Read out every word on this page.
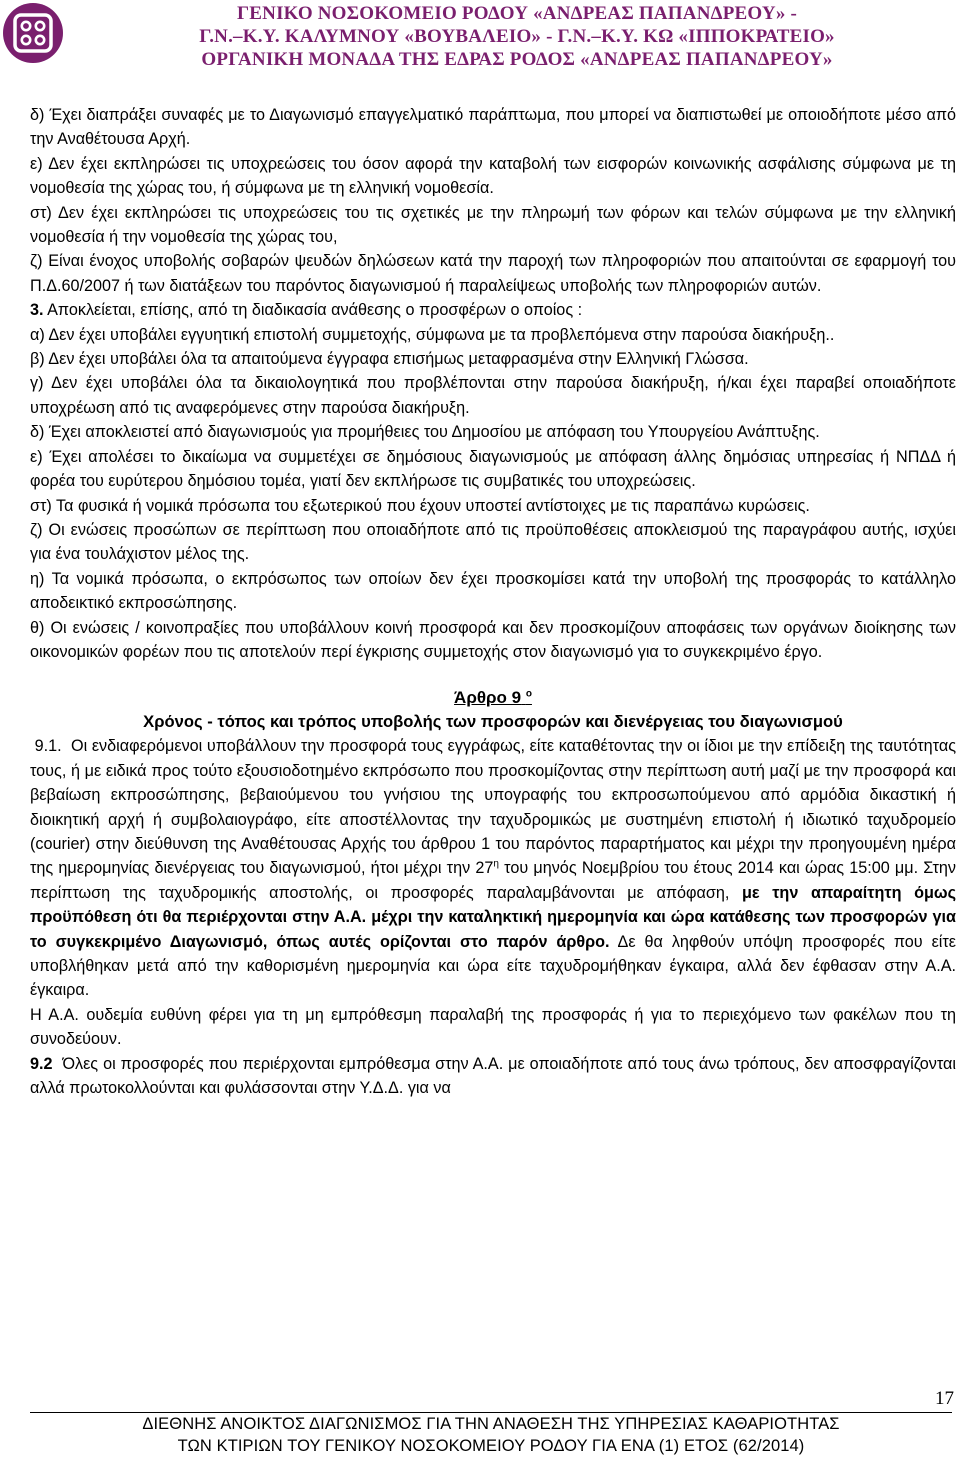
ΓΕΝΙΚΟ ΝΟΣΟΚΟΜΕΙΟ ΡΟΔΟΥ «ΑΝΔΡΕΑΣ ΠΑΠΑΝΔΡΕΟΥ» -
Γ.Ν.–Κ.Υ. ΚΑΛΥΜΝΟΥ «ΒΟΥΒΑΛΕΙΟ» - Γ.Ν.–Κ.Υ. ΚΩ «ΙΠΠΟΚΡΑΤΕΙΟ»
ΟΡΓΑΝΙΚΗ ΜΟΝΑΔΑ ΤΗΣ ΕΔΡΑΣ ΡΟΔΟΣ «ΑΝΔΡΕΑΣ ΠΑΠΑΝΔΡΕΟΥ»

δ) Έχει διαπράξει συναφές με το Διαγωνισμό επαγγελματικό παράπτωμα, που μπορεί να διαπιστωθεί με οποιοδήποτε μέσο από την Αναθέτουσα Αρχή.

ε) Δεν έχει εκπληρώσει τις υποχρεώσεις του όσον αφορά την καταβολή των εισφορών κοινωνικής ασφάλισης σύμφωνα με τη νομοθεσία της χώρας του, ή σύμφωνα με τη ελληνική νομοθεσία.

στ) Δεν έχει εκπληρώσει τις υποχρεώσεις του τις σχετικές με την πληρωμή των φόρων και τελών σύμφωνα με την ελληνική νομοθεσία ή την νομοθεσία της χώρας του,

ζ) Είναι ένοχος υποβολής σοβαρών ψευδών δηλώσεων κατά την παροχή των πληροφοριών που απαιτούνται σε εφαρμογή του Π.Δ.60/2007 ή των διατάξεων του παρόντος διαγωνισμού ή παραλείψεως υποβολής των πληροφοριών αυτών.

3. Αποκλείεται, επίσης, από τη διαδικασία ανάθεσης ο προσφέρων ο οποίος :

α) Δεν έχει υποβάλει εγγυητική επιστολή συμμετοχής, σύμφωνα με τα προβλεπόμενα στην παρούσα διακήρυξη..

β) Δεν έχει υποβάλει όλα τα απαιτούμενα έγγραφα επισήμως μεταφρασμένα στην Ελληνική Γλώσσα.

γ) Δεν έχει υποβάλει όλα τα δικαιολογητικά που προβλέπονται στην παρούσα διακήρυξη, ή/και έχει παραβεί οποιαδήποτε υποχρέωση από τις αναφερόμενες στην παρούσα διακήρυξη.

δ) Έχει αποκλειστεί από διαγωνισμούς για προμήθειες του Δημοσίου με απόφαση του Υπουργείου Ανάπτυξης.

ε) Έχει απολέσει το δικαίωμα να συμμετέχει σε δημόσιους διαγωνισμούς με απόφαση άλλης δημόσιας υπηρεσίας ή ΝΠΔΔ ή φορέα του ευρύτερου δημόσιου τομέα, γιατί δεν εκπλήρωσε τις συμβατικές του υποχρεώσεις.

στ) Τα φυσικά ή νομικά πρόσωπα του εξωτερικού που έχουν υποστεί αντίστοιχες με τις παραπάνω κυρώσεις.

ζ) Οι ενώσεις προσώπων σε περίπτωση που οποιαδήποτε από τις προϋποθέσεις αποκλεισμού της παραγράφου αυτής, ισχύει για ένα τουλάχιστον μέλος της.

η) Τα νομικά πρόσωπα, ο εκπρόσωπος των οποίων δεν έχει προσκομίσει κατά την υποβολή της προσφοράς το κατάλληλο αποδεικτικό εκπροσώπησης.

θ) Οι ενώσεις / κοινοπραξίες που υποβάλλουν κοινή προσφορά και δεν προσκομίζουν αποφάσεις των οργάνων διοίκησης των οικονομικών φορέων που τις αποτελούν περί έγκρισης συμμετοχής στον διαγωνισμό για το συγκεκριμένο έργο.

Άρθρο 9 $^o$
Χρόνος - τόπος και τρόπος υποβολής των προσφορών και διενέργειας του διαγωνισμού

9.1. Οι ενδιαφερόμενοι υποβάλλουν την προσφορά τους εγγράφως, είτε καταθέτοντας την οι ίδιοι με την επίδειξη της ταυτότητας τους, ή με ειδικά προς τούτο εξουσιοδοτημένο εκπρόσωπο που προσκομίζοντας στην περίπτωση αυτή μαζί με την προσφορά και βεβαίωση εκπροσώπησης, βεβαιούμενου του γνήσιου της υπογραφής του εκπροσωπούμενου από αρμόδια δικαστική ή διοικητική αρχή ή συμβολαιογράφο, είτε αποστέλλοντας την ταχυδρομικώς με συστημένη επιστολή ή ιδιωτικό ταχυδρομείο (courier) στην διεύθυνση της Αναθέτουσας Αρχής του άρθρου 1 του παρόντος παραρτήματος και μέχρι την προηγουμένη ημέρα της ημερομηνίας διενέργειας του διαγωνισμού, ήτοι μέχρι την $27^\eta$ του μηνός Νοεμβρίου του έτους 2014 και ώρας 15:00 μμ. Στην περίπτωση της ταχυδρομικής αποστολής, οι προσφορές παραλαμβάνονται με απόφαση, με την απαραίτητη όμως προϋπόθεση ότι θα περιέρχονται στην Α.Α. μέχρι την καταληκτική ημερομηνία και ώρα κατάθεσης των προσφορών για το συγκεκριμένο Διαγωνισμό, όπως αυτές ορίζονται στο παρόν άρθρο. Δε θα ληφθούν υπόψη προσφορές που είτε υποβλήθηκαν μετά από την καθορισμένη ημερομηνία και ώρα είτε ταχυδρομήθηκαν έγκαιρα, αλλά δεν έφθασαν στην Α.Α. έγκαιρα.

Η Α.Α. ουδεμία ευθύνη φέρει για τη μη εμπρόθεσμη παραλαβή της προσφοράς ή για το περιεχόμενο των φακέλων που τη συνοδεύουν.

9.2 Όλες οι προσφορές που περιέρχονται εμπρόθεσμα στην Α.Α. με οποιαδήποτε από τους άνω τρόπους, δεν αποσφραγίζονται αλλά πρωτοκολλούνται και φυλάσσονται στην Υ.Δ.Δ. για να

17
ΔΙΕΘΝΗΣ ΑΝΟΙΚΤΟΣ ΔΙΑΓΩΝΙΣΜΟΣ ΓΙΑ ΤΗΝ ΑΝΑΘΕΣΗ ΤΗΣ ΥΠΗΡΕΣΙΑΣ ΚΑΘΑΡΙΟΤΗΤΑΣ
ΤΩΝ ΚΤΙΡΙΩΝ ΤΟΥ ΓΕΝΙΚΟΥ ΝΟΣΟΚΟΜΕΙΟΥ ΡΟΔΟΥ ΓΙΑ ΕΝΑ (1) ΕΤΟΣ (62/2014)
